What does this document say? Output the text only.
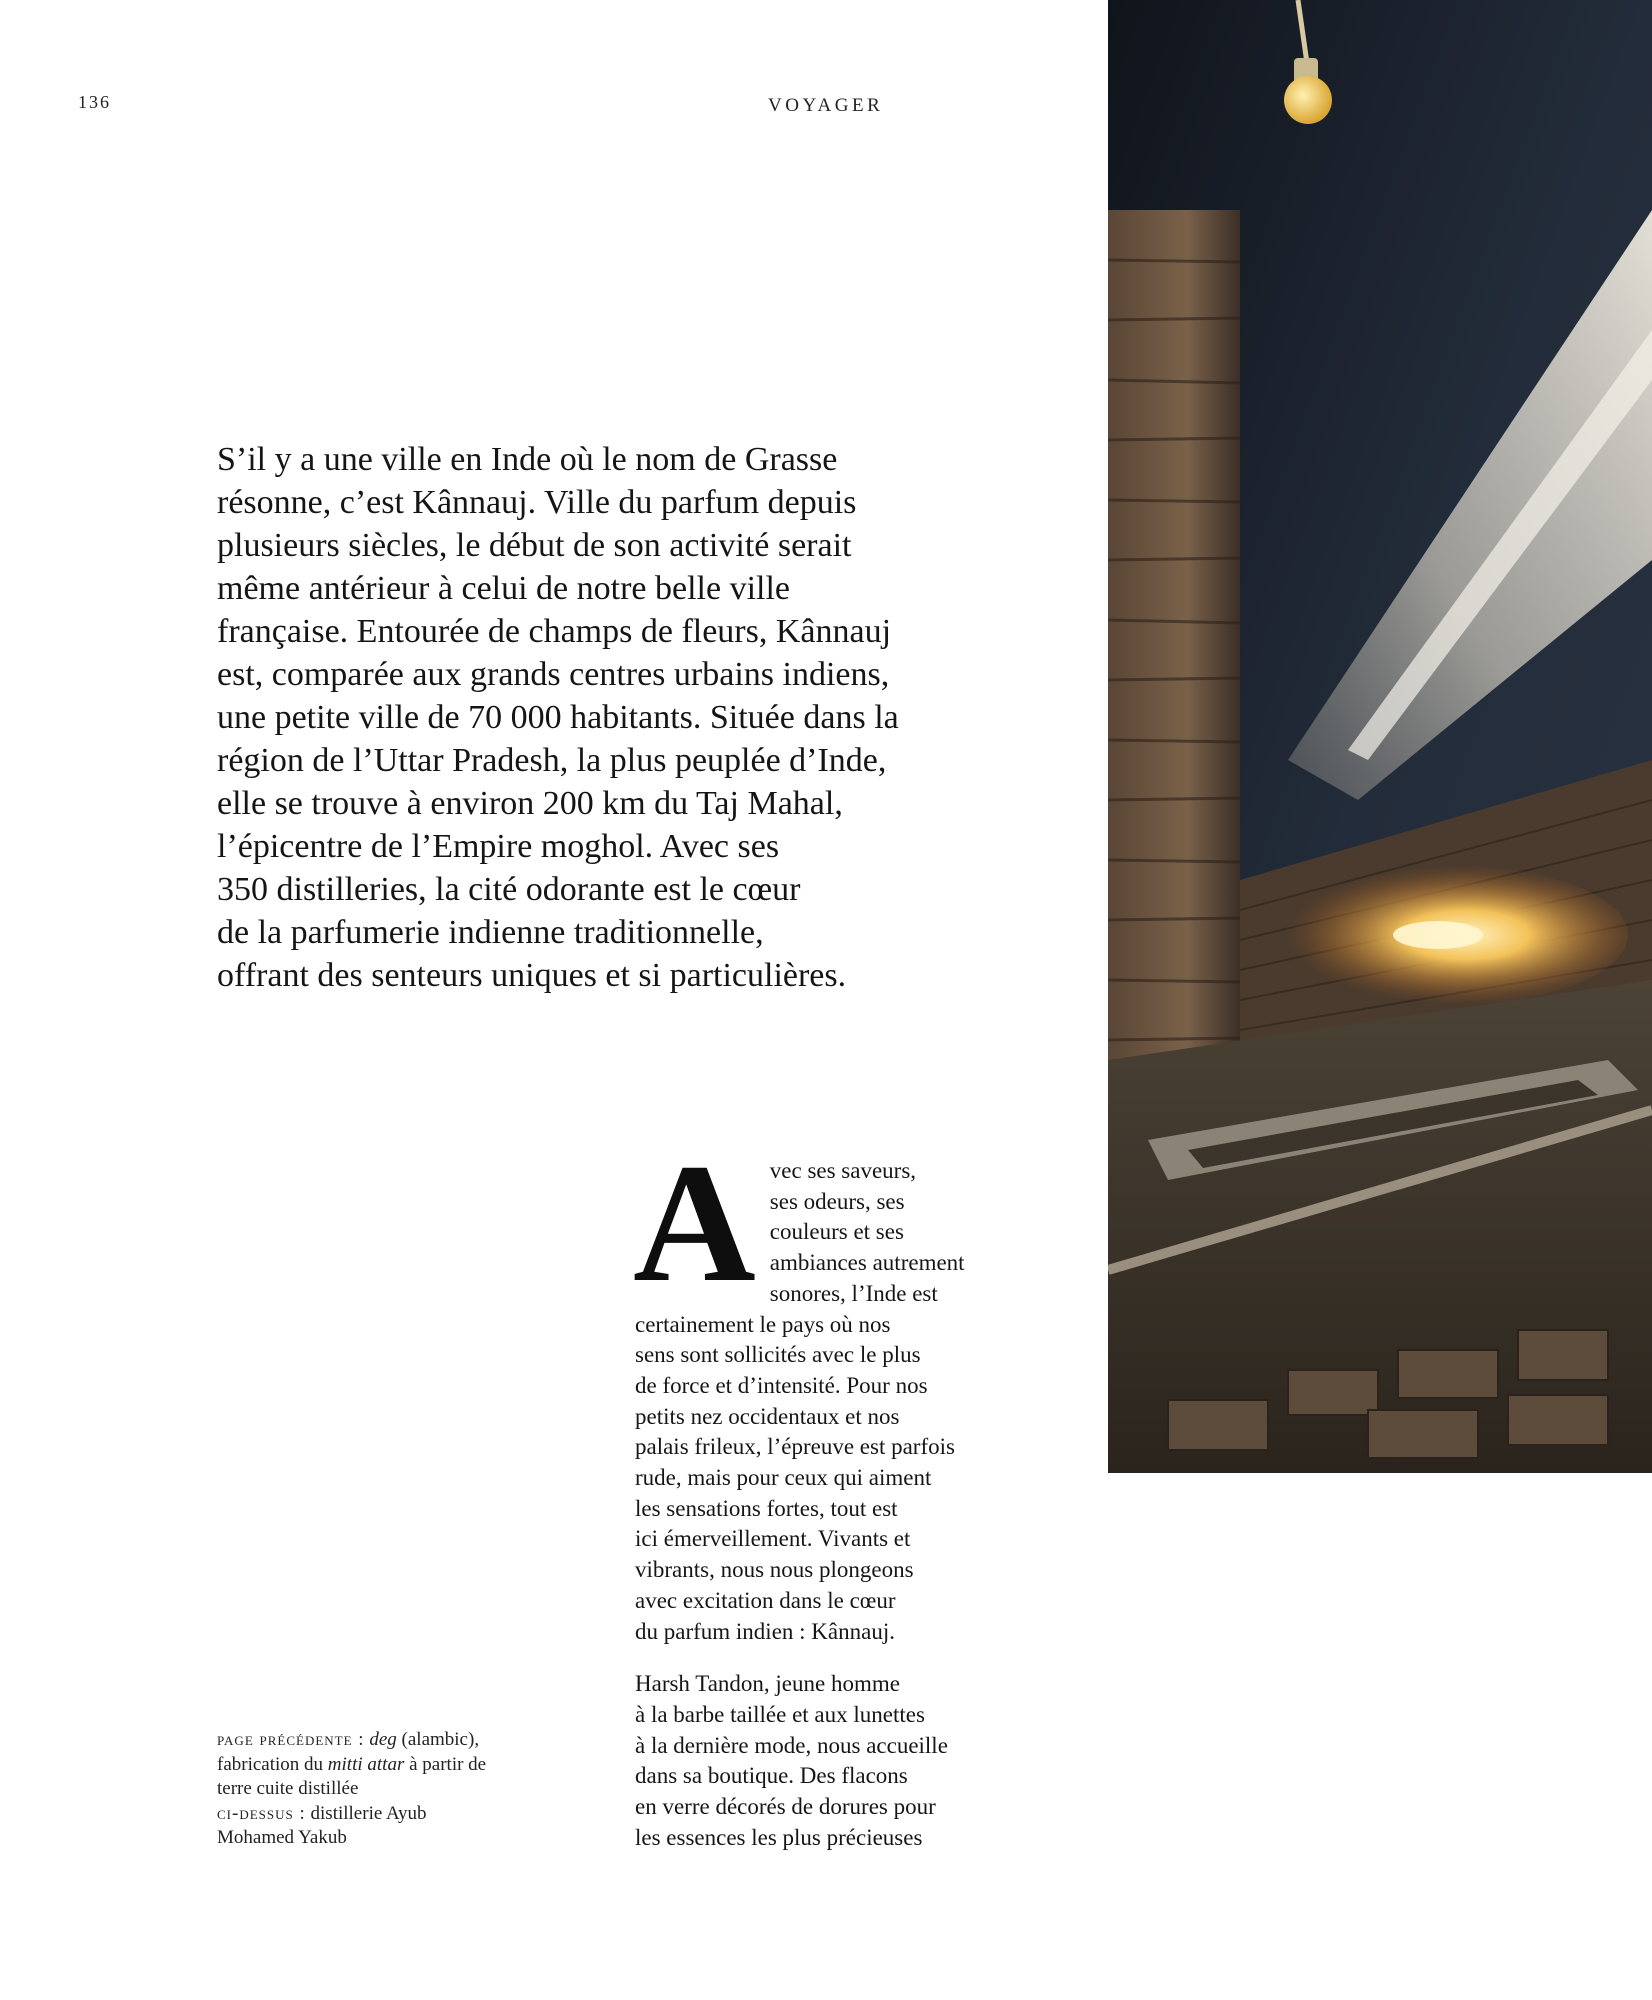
136	VOYAGER

S’il y a une ville en Inde où le nom de Grasse
résonne, c’est Kânnauj. Ville du parfum depuis
plusieurs siècles, le début de son activité serait
même antérieur à celui de notre belle ville
française. Entourée de champs de fleurs, Kânnauj
est, comparée aux grands centres urbains indiens,
une petite ville de 70 000 habitants. Située dans la
région de l’Uttar Pradesh, la plus peuplée d’Inde,
elle se trouve à environ 200 km du Taj Mahal,
l’épicentre de l’Empire moghol. Avec ses
350 distilleries, la cité odorante est le cœur
de la parfumerie indienne traditionnelle,
offrant des senteurs uniques et si particulières.

A vec ses saveurs,
ses odeurs, ses
couleurs et ses
ambiances autrement
sonores, l’Inde est
certainement le pays où nos
sens sont sollicités avec le plus
de force et d’intensité. Pour nos
petits nez occidentaux et nos
palais frileux, l’épreuve est parfois
rude, mais pour ceux qui aiment
les sensations fortes, tout est
ici émerveillement. Vivants et
vibrants, nous nous plongeons
avec excitation dans le cœur
du parfum indien : Kânnauj.

Harsh Tandon, jeune homme
à la barbe taillée et aux lunettes
à la dernière mode, nous accueille
dans sa boutique. Des flacons
en verre décorés de dorures pour
les essences les plus précieuses

page précédente : deg (alambic),
fabrication du mitti attar à partir de
terre cuite distillée
ci-dessus : distillerie Ayub
Mohamed Yakub
